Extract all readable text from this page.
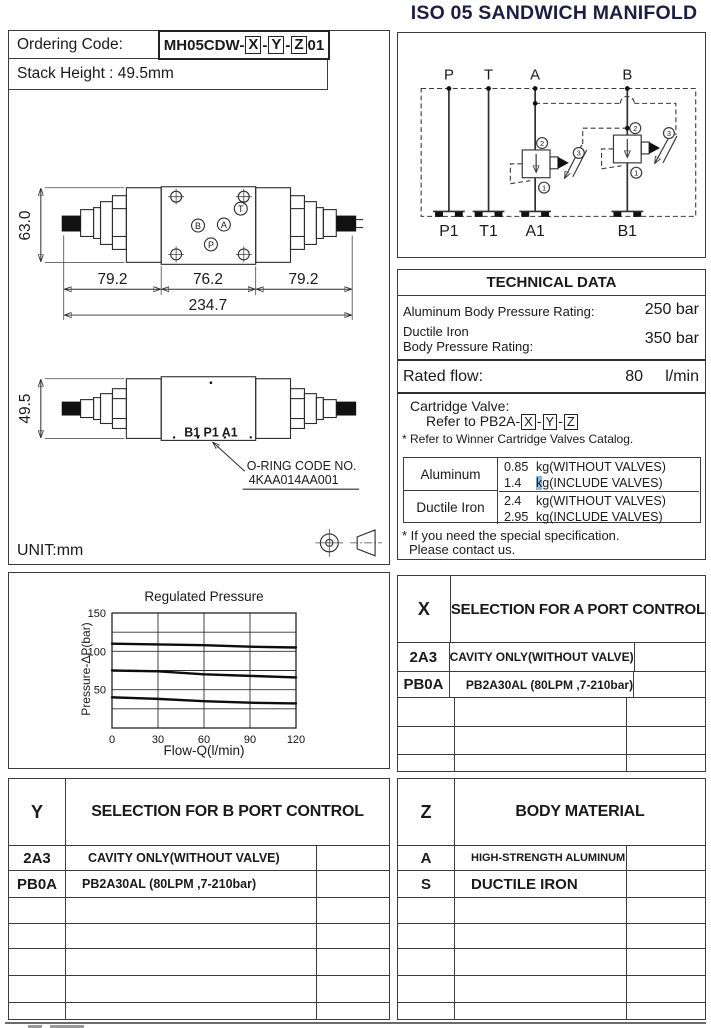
ISO 05 SANDWICH MANIFOLD
Ordering Code:	MH05CDW- X - Y - Z 01
Stack Height : 49.5mm
B A
T
P
63.0
79.2	76.2	79.2
234.7
B1 P1 A1
O-RING CODE NO.
4KAA014AA001
49.5
UNIT:mm
P T A	B
2
1
3
2
1
3
P1 T1 A1	B1
TECHNICAL DATA
Aluminum Body Pressure Rating:	250 bar
Ductile Iron
Body Pressure Rating:	350 bar
Rated flow:	80 l/min
Cartridge Valve:
Refer to PB2A- X - Y - Z
* Refer to Winner Cartridge Valves Catalog.
Aluminum	0.85 kg(WITHOUT VALVES)
1.4 kg(INCLUDE VALVES)
Ductile Iron	2.4 kg(WITHOUT VALVES)
2.95 kg(INCLUDE VALVES)
* If you need the special specification.
Please contact us.
Regulated Pressure
Pressure-ΔP(bar)
Flow-Q(l/min)
50
100
150
0	30	60	90	120
X	SELECTION FOR A PORT CONTROL
2A3	CAVITY ONLY(WITHOUT VALVE)
PB0A	PB2A30AL (80LPM ,7-210bar)
Y	SELECTION FOR B PORT CONTROL
2A3	CAVITY ONLY(WITHOUT VALVE)
PB0A	PB2A30AL (80LPM ,7-210bar)
Z	BODY MATERIAL
A	HIGH-STRENGTH ALUMINUM
S	DUCTILE IRON
